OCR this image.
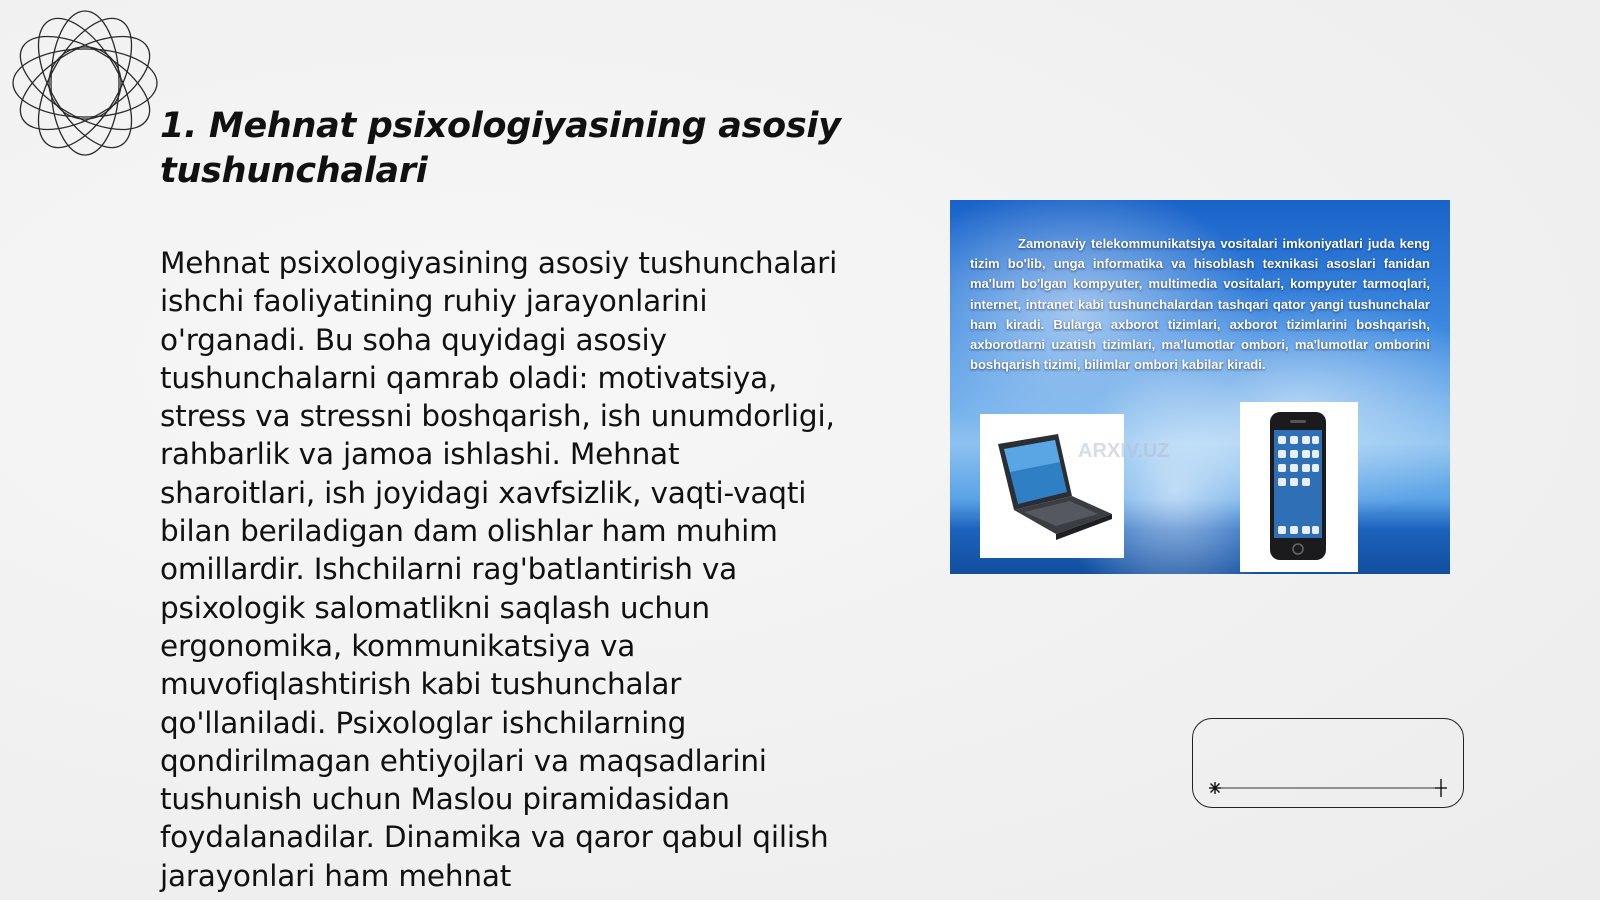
1. Mehnat psixologiyasining asosiy tushunchalari

Mehnat psixologiyasining asosiy tushunchalari ishchi faoliyatining ruhiy jarayonlarini o'rganadi. Bu soha quyidagi asosiy tushunchalarni qamrab oladi: motivatsiya, stress va stressni boshqarish, ish unumdorligi, rahbarlik va jamoa ishlashi. Mehnat sharoitlari, ish joyidagi xavfsizlik, vaqti-vaqti bilan beriladigan dam olishlar ham muhim omillardir. Ishchilarni rag'batlantirish va psixologik salomatlikni saqlash uchun ergonomika, kommunikatsiya va muvofiqlashtirish kabi tushunchalar qo'llaniladi. Psixologlar ishchilarning qondirilmagan ehtiyojlari va maqsadlarini tushunish uchun Maslou piramidasidan foydalanadilar. Dinamika va qaror qabul qilish jarayonlari ham mehnat

Zamonaviy telekommunikatsiya vositalari imkoniyatlari juda keng tizim bo'lib, unga informatika va hisoblash texnikasi asoslari fanidan ma'lum bo'lgan kompyuter, multimedia vositalari, kompyuter tarmoqlari, internet, intranet kabi tushunchalardan tashqari qator yangi tushunchalar ham kiradi. Bularga axborot tizimlari, axborot tizimlarini boshqarish, axborotlarni uzatish tizimlari, ma'lumotlar ombori, ma'lumotlar omborini boshqarish tizimi, bilimlar ombori kabilar kiradi.

ARXIV.UZ
